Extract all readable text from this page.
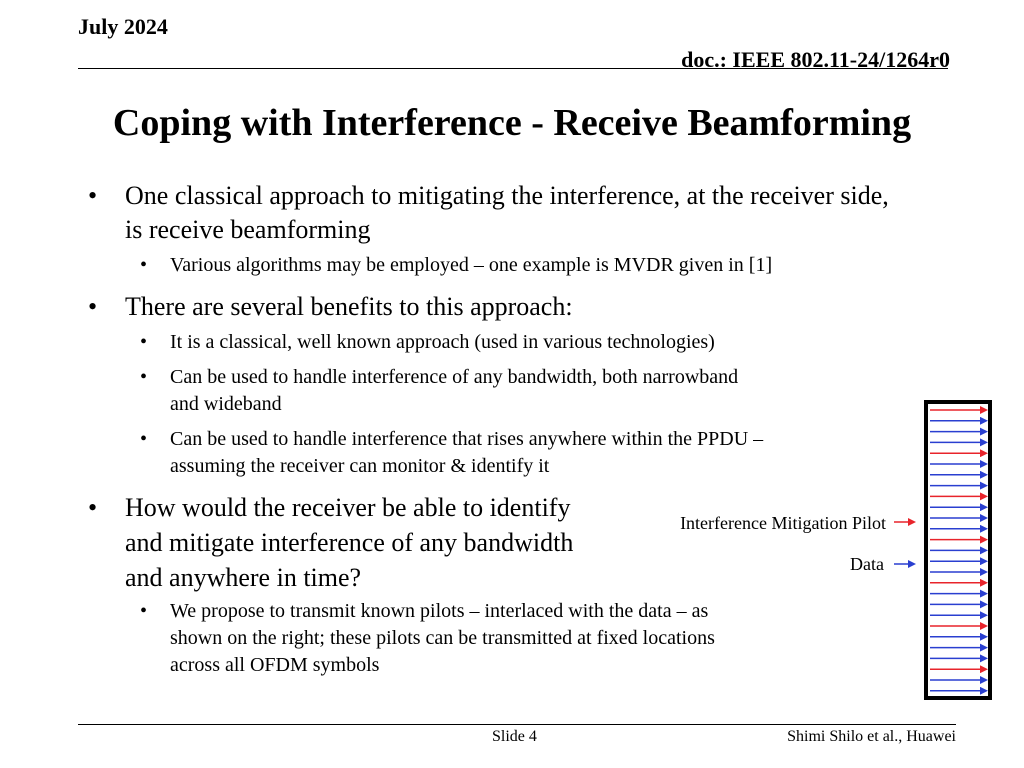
July 2024
doc.: IEEE 802.11-24/1264r0
Coping with Interference - Receive Beamforming
• One classical approach to mitigating the interference, at the receiver side,
is receive beamforming
• Various algorithms may be employed – one example is MVDR given in [1]
• There are several benefits to this approach:
• It is a classical, well known approach (used in various technologies)
• Can be used to handle interference of any bandwidth, both narrowband
and wideband
• Can be used to handle interference that rises anywhere within the PPDU –
assuming the receiver can monitor & identify it
• How would the receiver be able to identify
and mitigate interference of any bandwidth
and anywhere in time?
• We propose to transmit known pilots – interlaced with the data – as
shown on the right; these pilots can be transmitted at fixed locations
across all OFDM symbols
Interference Mitigation Pilot
Data
Slide 4	Shimi Shilo et al., Huawei
